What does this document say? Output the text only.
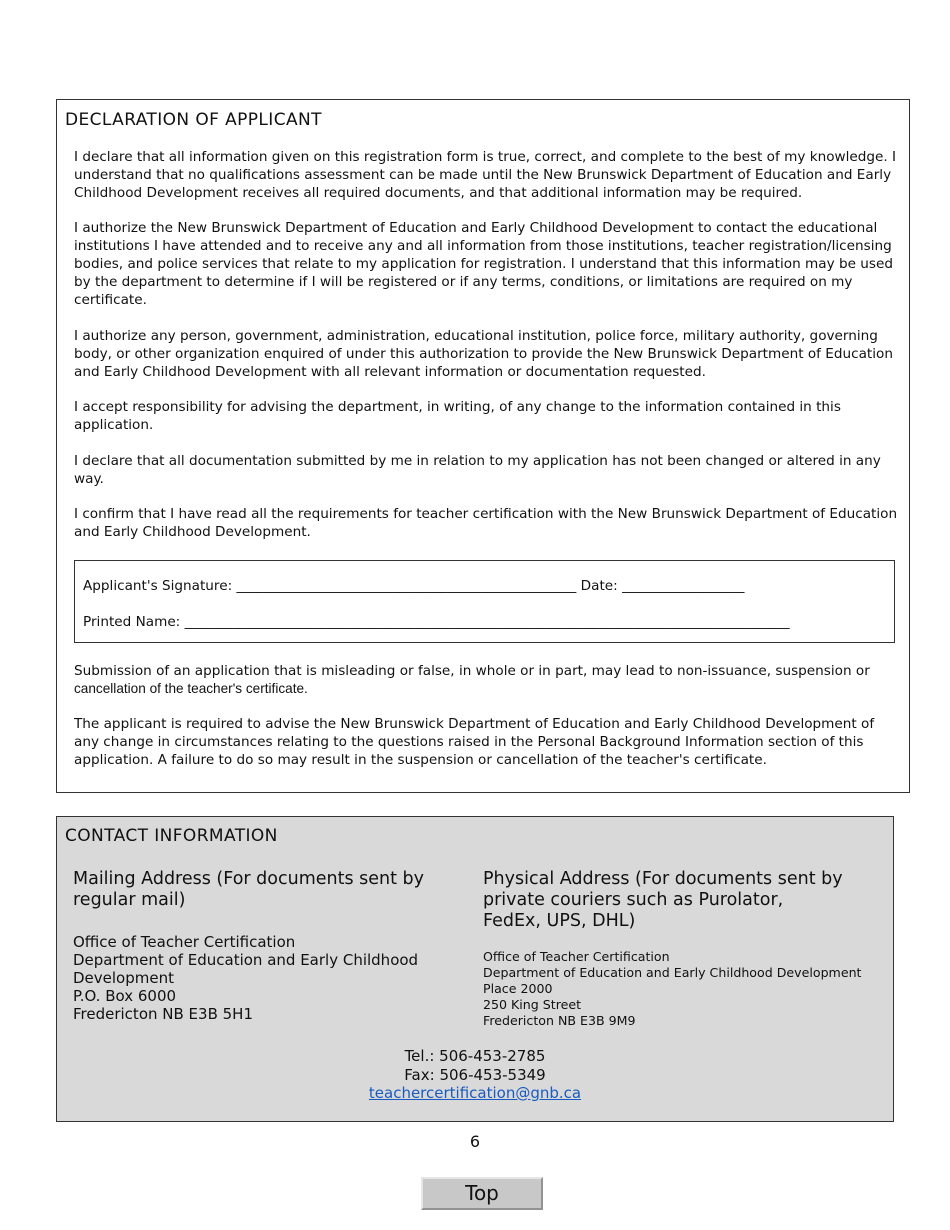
DECLARATION OF APPLICANT

I declare that all information given on this registration form is true, correct, and complete to the best of my knowledge. I understand that no qualifications assessment can be made until the New Brunswick Department of Education and Early Childhood Development receives all required documents, and that additional information may be required.

I authorize the New Brunswick Department of Education and Early Childhood Development to contact the educational institutions I have attended and to receive any and all information from those institutions, teacher registration/licensing bodies, and police services that relate to my application for registration. I understand that this information may be used by the department to determine if I will be registered or if any terms, conditions, or limitations are required on my certificate.

I authorize any person, government, administration, educational institution, police force, military authority, governing body, or other organization enquired of under this authorization to provide the New Brunswick Department of Education and Early Childhood Development with all relevant information or documentation requested.

I accept responsibility for advising the department, in writing, of any change to the information contained in this application.

I declare that all documentation submitted by me in relation to my application has not been changed or altered in any way.

I confirm that I have read all the requirements for teacher certification with the New Brunswick Department of Education and Early Childhood Development.

Applicant's Signature: __________________________________________________ Date: __________________

Printed Name: _________________________________________________________________________________________

Submission of an application that is misleading or false, in whole or in part, may lead to non-issuance, suspension or cancellation of the teacher's certificate.

The applicant is required to advise the New Brunswick Department of Education and Early Childhood Development of any change in circumstances relating to the questions raised in the Personal Background Information section of this application. A failure to do so may result in the suspension or cancellation of the teacher's certificate.

CONTACT INFORMATION
Mailing Address (For documents sent by regular mail)
Office of Teacher Certification
Department of Education and Early Childhood Development
P.O. Box 6000
Fredericton NB E3B 5H1
Physical Address (For documents sent by private couriers such as Purolator, FedEx, UPS, DHL)
Office of Teacher Certification
Department of Education and Early Childhood Development
Place 2000
250 King Street
Fredericton NB E3B 9M9
Tel.: 506-453-2785
Fax: 506-453-5349
teachercertification@gnb.ca
6
Top
